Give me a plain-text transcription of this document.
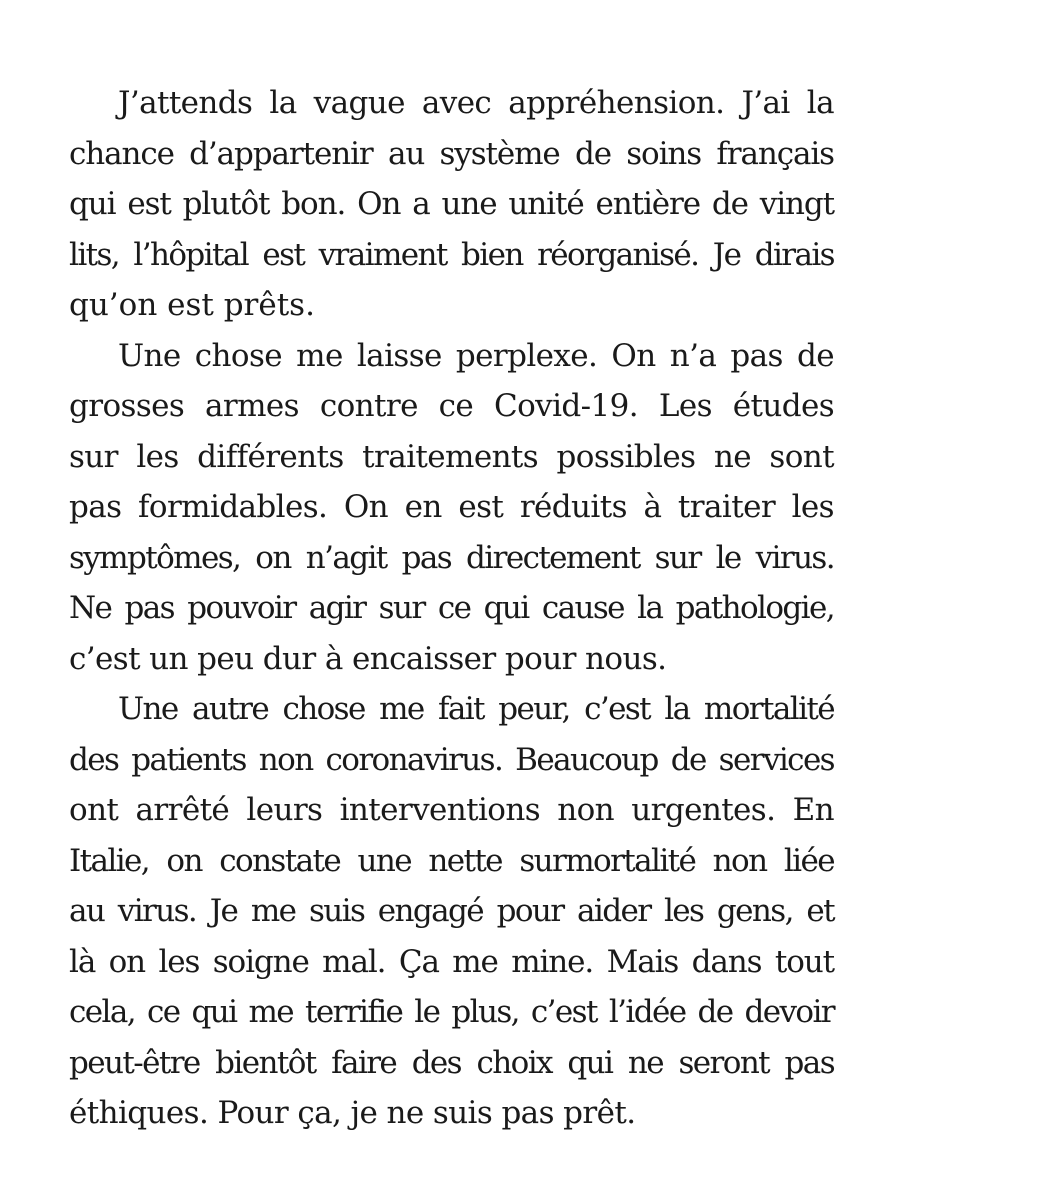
J’attends la vague avec appréhension. J’ai la
chance d’appartenir au système de soins français
qui est plutôt bon. On a une unité entière de vingt
lits, l’hôpital est vraiment bien réorganisé. Je dirais
qu’on est prêts.
Une chose me laisse perplexe. On n’a pas de
grosses armes contre ce Covid-19. Les études
sur les différents traitements possibles ne sont
pas formidables. On en est réduits à traiter les
symptômes, on n’agit pas directement sur le virus.
Ne pas pouvoir agir sur ce qui cause la pathologie,
c’est un peu dur à encaisser pour nous.
Une autre chose me fait peur, c’est la mortalité
des patients non coronavirus. Beaucoup de services
ont arrêté leurs interventions non urgentes. En
Italie, on constate une nette surmortalité non liée
au virus. Je me suis engagé pour aider les gens, et
là on les soigne mal. Ça me mine. Mais dans tout
cela, ce qui me terrifie le plus, c’est l’idée de devoir
peut-être bientôt faire des choix qui ne seront pas
éthiques. Pour ça, je ne suis pas prêt.
